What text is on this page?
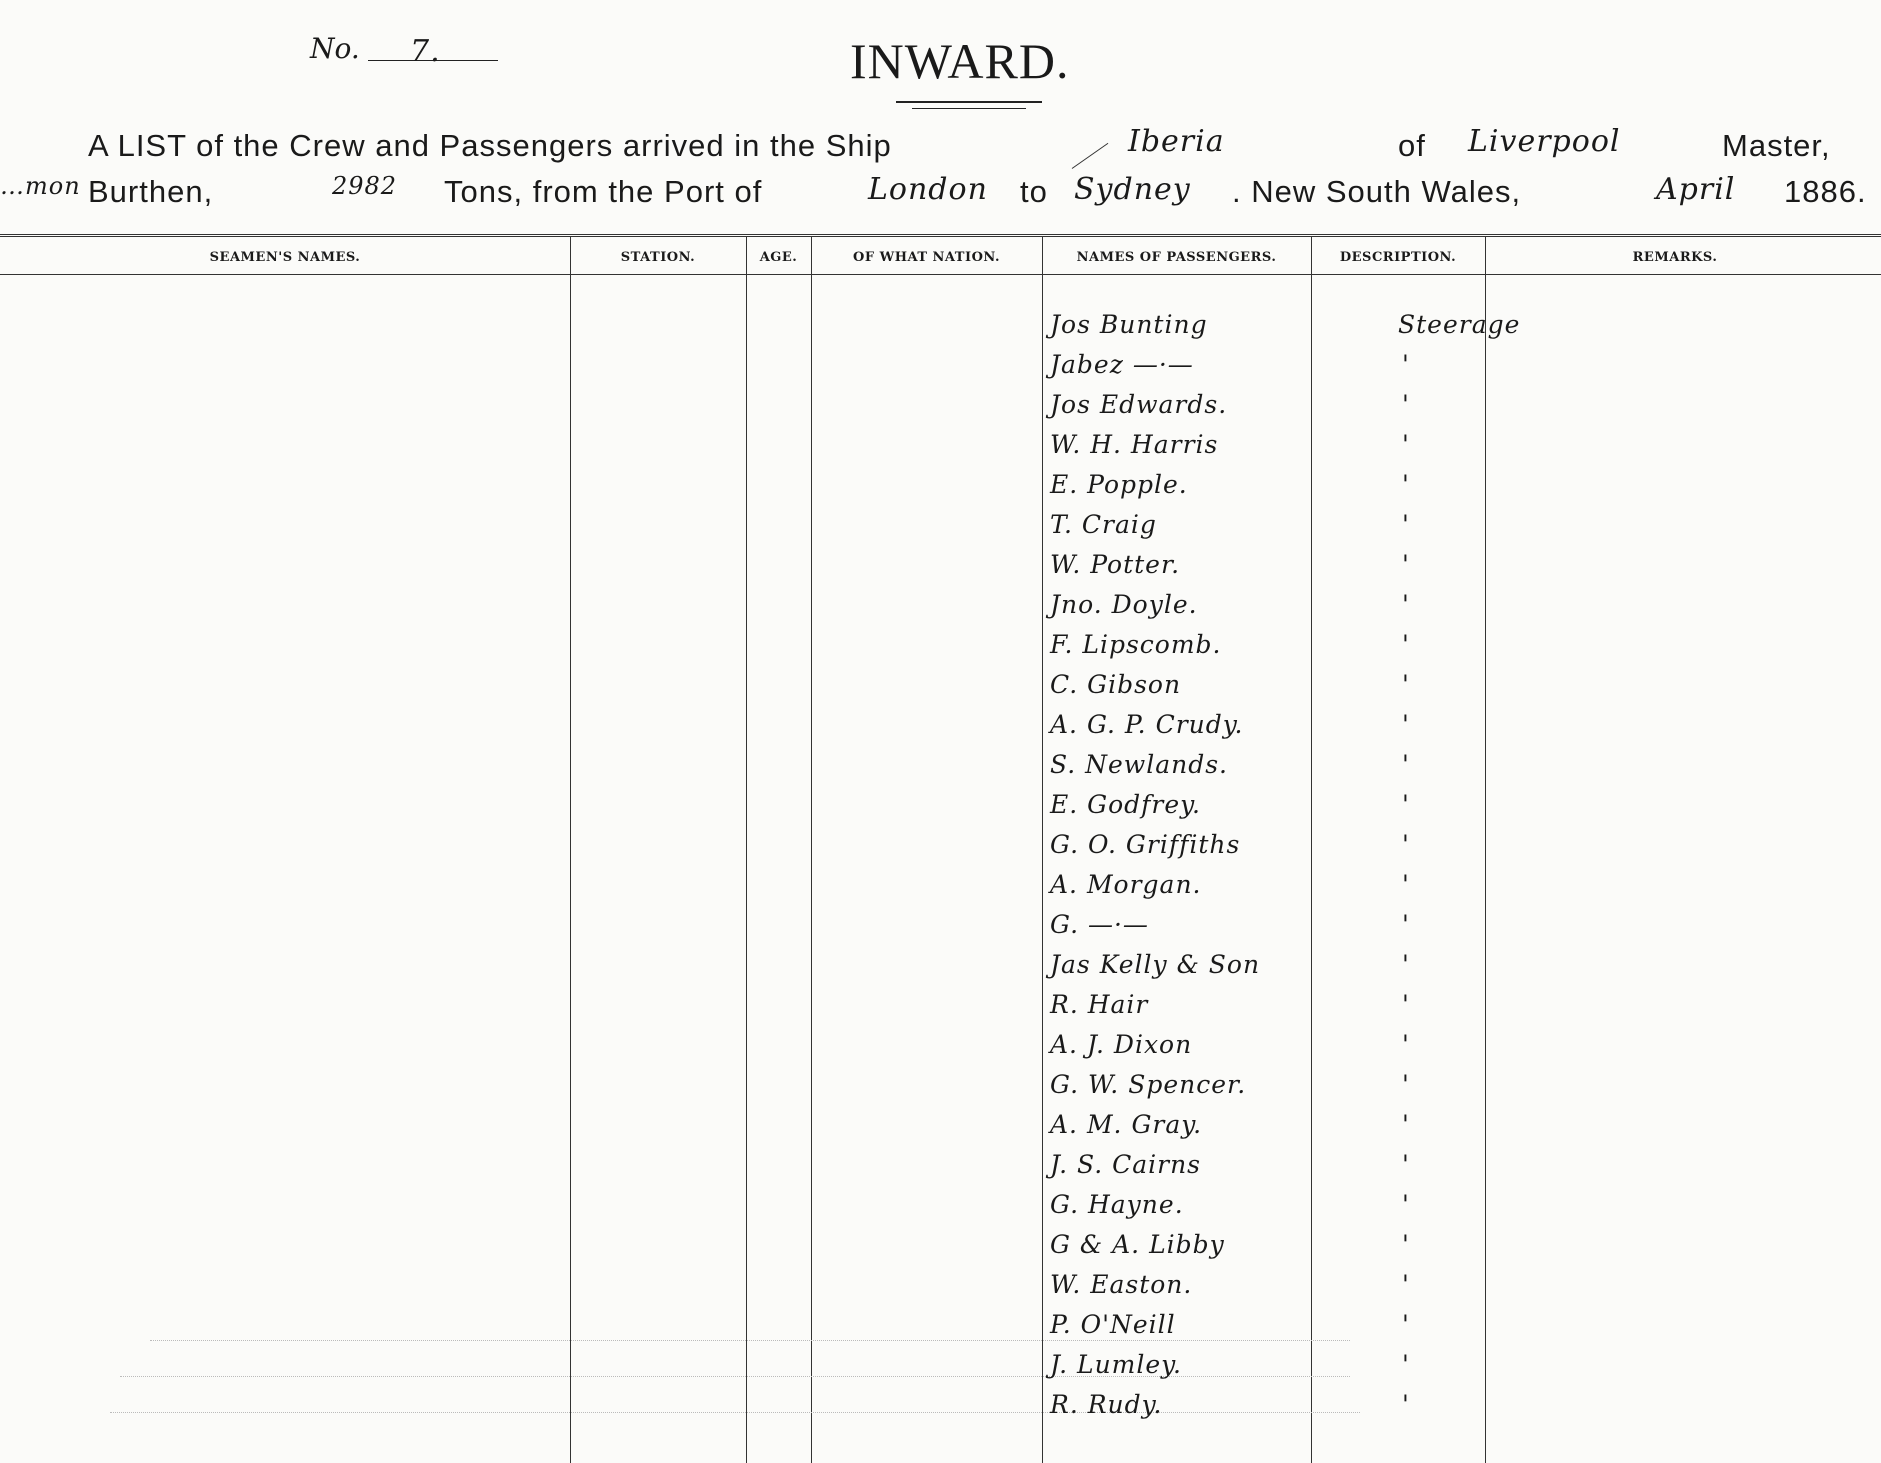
No. 7.	INWARD.
A LIST of the Crew and Passengers arrived in the Ship	Iberia	of Liverpool	Master,
…mon Burthen,	2982 Tons, from the Port of	London to Sydney . New South Wales,	April 1886.
SEAMEN'S NAMES.	STATION.	AGE.	OF WHAT NATION.	NAMES OF PASSENGERS.	DESCRIPTION.	REMARKS.
Jos Bunting	Steerage
Jabez —·—	'
Jos Edwards.	'
W. H. Harris	'
E. Popple.	'
T. Craig	'
W. Potter.	'
Jno. Doyle.	'
F. Lipscomb.	'
C. Gibson	'
A. G. P. Crudy.	'
S. Newlands.	'
E. Godfrey.	'
G. O. Griffiths	'
A. Morgan.	'
G. —·—	'
Jas Kelly & Son	'
R. Hair	'
A. J. Dixon	'
G. W. Spencer.	'
A. M. Gray.	'
J. S. Cairns	'
G. Hayne.	'
G & A. Libby	'
W. Easton.	'
P. O'Neill	'
J. Lumley.	'
R. Rudy.	'
